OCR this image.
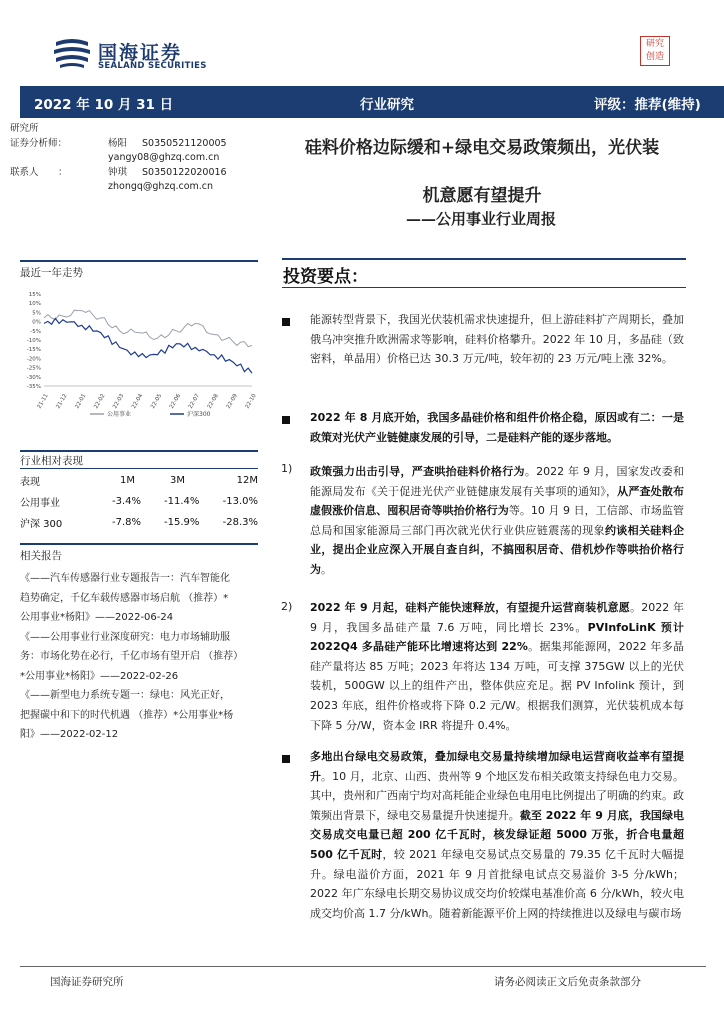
国海证券
SEALAND SECURITIES
研究
创造
2022 年 10 月 31 日	行业研究	评级：推荐(维持)
研究所
证券分析师：	杨阳	S0350521120005
yangy08@ghzq.com.cn
联系人	：	钟琪	S0350122020016
zhongq@ghzq.com.cn
硅料价格边际缓和+绿电交易政策频出，光伏装
机意愿有望提升
——公用事业行业周报
最近一年走势
15%
10%
5%
0%
-5%
-10%
-15%
-20%
-25%
-30%
-35%
21-11 21-12 22-01 22-02 22-03 22-04 22-05 22-06 22-07 22-08 22-09 22-10
公用事业	沪深300
行业相对表现
表现	1M	3M	12M
公用事业	-3.4%	-11.4%	-13.0%
沪深 300	-7.8%	-15.9%	-28.3%
相关报告
《——汽车传感器行业专题报告一：汽车智能化
趋势确定，千亿车载传感器市场启航 （推荐）*
公用事业*杨阳》——2022-06-24
《——公用事业行业深度研究：电力市场辅助服
务：市场化势在必行，千亿市场有望开启 （推荐）
*公用事业*杨阳》——2022-02-26
《——新型电力系统专题一：绿电：风光正好，
把握碳中和下的时代机遇 （推荐）*公用事业*杨
阳》——2022-02-12
投资要点：
能源转型背景下，我国光伏装机需求快速提升，但上游硅料扩产周期长，叠加俄乌冲突推升欧洲需求等影响，硅料价格攀升。2022 年 10 月，多晶硅（致密料，单晶用）价格已达 30.3 万元/吨，较年初的 23 万元/吨上涨 32%。
2022 年 8 月底开始，我国多晶硅价格和组件价格企稳，原因或有二：一是政策对光伏产业链健康发展的引导，二是硅料产能的逐步落地。
1) 政策强力出击引导，严查哄抬硅料价格行为。2022 年 9 月，国家发改委和能源局发布《关于促进光伏产业链健康发展有关事项的通知》，从严查处散布虚假涨价信息、囤积居奇等哄抬价格行为等。10 月 9 日，工信部、市场监管总局和国家能源局三部门再次就光伏行业供应链震荡的现象约谈相关硅料企业，提出企业应深入开展自查自纠，不搞囤积居奇、借机炒作等哄抬价格行为。
2) 2022 年 9 月起，硅料产能快速释放，有望提升运营商装机意愿。2022 年 9 月，我国多晶硅产量 7.6 万吨，同比增长 23%。PVInfoLinK 预计 2022Q4 多晶硅产能环比增速将达到 22%。据集邦能源网，2022 年多晶硅产量将达 85 万吨；2023 年将达 134 万吨，可支撑 375GW 以上的光伏装机，500GW 以上的组件产出，整体供应充足。据 PV Infolink 预计，到 2023 年底，组件价格或将下降 0.2 元/W。根据我们测算，光伏装机成本每下降 5 分/W，资本金 IRR 将提升 0.4%。
多地出台绿电交易政策，叠加绿电交易量持续增加绿电运营商收益率有望提升。10 月，北京、山西、贵州等 9 个地区发布相关政策支持绿色电力交易。其中，贵州和广西南宁均对高耗能企业绿色电用电比例提出了明确的约束。政策频出背景下，绿电交易量提升快速提升。截至 2022 年 9 月底，我国绿电交易成交电量已超 200 亿千瓦时，核发绿证超 5000 万张，折合电量超 500 亿千瓦时，较 2021 年绿电交易试点交易量的 79.35 亿千瓦时大幅提升。绿电溢价方面，2021 年 9 月首批绿电试点交易溢价 3-5 分/kWh；2022 年广东绿电长期交易协议成交均价较煤电基准价高 6 分/kWh，较火电成交均价高 1.7 分/kWh。随着新能源平价上网的持续推进以及绿电与碳市场
国海证券研究所	请务必阅读正文后免责条款部分
